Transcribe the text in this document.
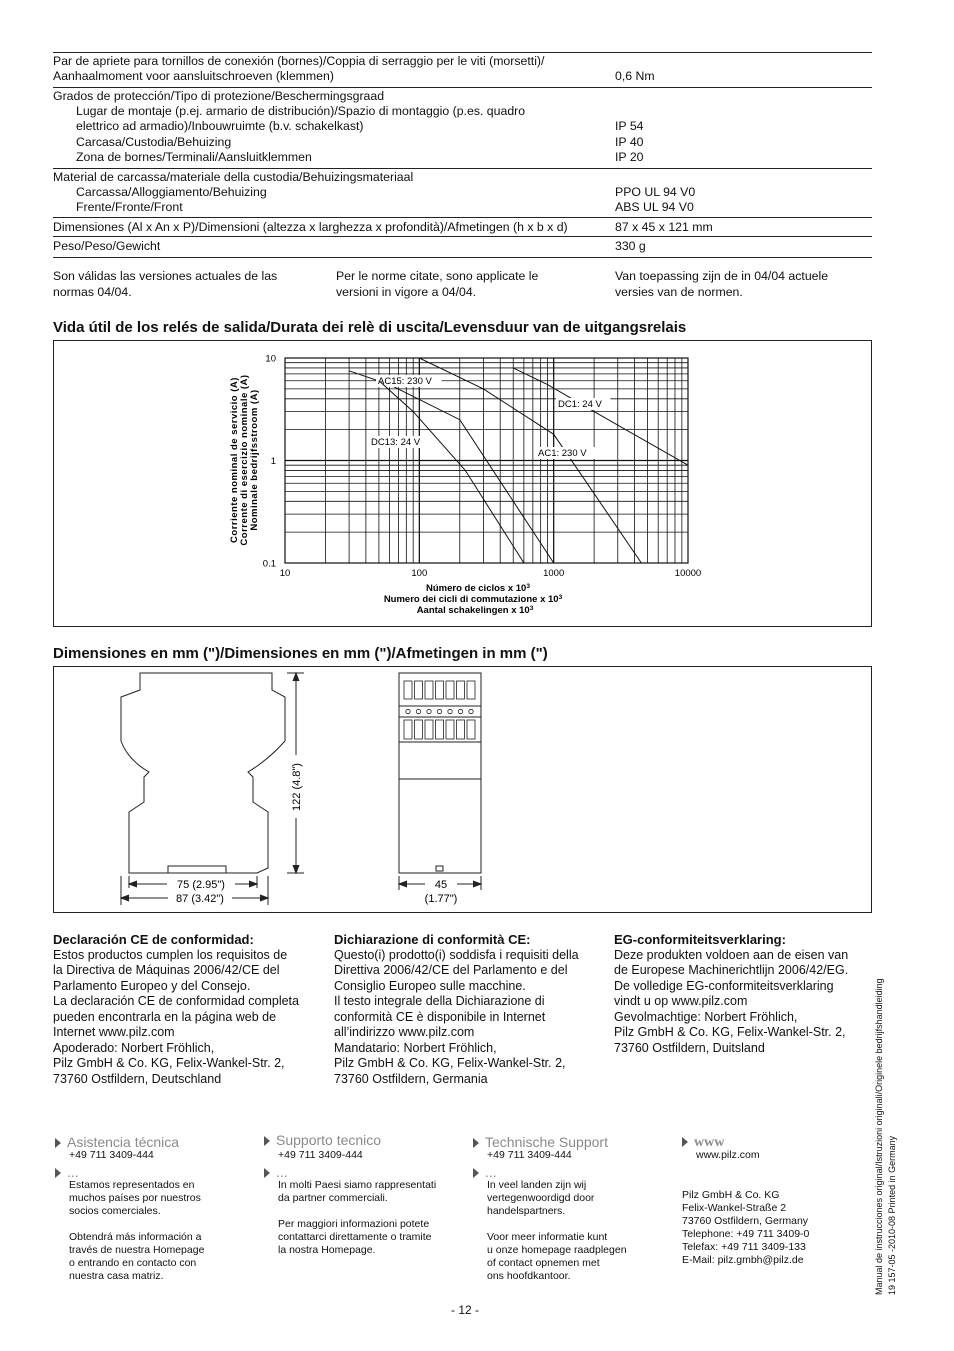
Par de apriete para tornillos de conexión (bornes)/Coppia di serraggio per le viti (morsetti)/
Aanhaalmoment voor aansluitschroeven (klemmen)	0,6 Nm
Grados de protección/Tipo di protezione/Beschermingsgraad
Lugar de montaje (p.ej. armario de distribución)/Spazio di montaggio (p.es. quadro
elettrico ad armadio)/Inbouwruimte (b.v. schakelkast)	IP 54
Carcasa/Custodia/Behuizing	IP 40
Zona de bornes/Terminali/Aansluitklemmen	IP 20
Material de carcassa/materiale della custodia/Behuizingsmateriaal
Carcassa/Alloggiamento/Behuizing	PPO UL 94 V0
Frente/Fronte/Front	ABS UL 94 V0
Dimensiones (Al x An x P)/Dimensioni (altezza x larghezza x profondità)/Afmetingen (h x b x d)	87 x 45 x 121 mm
Peso/Peso/Gewicht	330 g
Son válidas las versiones actuales de las
normas 04/04.
Per le norme citate, sono applicate le
versioni in vigore a 04/04.
Van toepassing zijn de in 04/04 actuele
versies van de normen.
Vida útil de los relés de salida/Durata dei relè di uscita/Levensduur van de uitgangsrelais
AC15: 230 V
DC1: 24 V
DC13: 24 V
AC1: 230 V
10	100	1000	10000
0.1
1
10
Corriente nominal de servicio (A) Corrente di esercizio nominale (A) Nominale bedrijfsstroom (A)
Número de ciclos x $10^3$
Numero dei cicli di commutazione x $10^3$
Aantal schakelingen x $10^3$
Dimensiones en mm (")/Dimensiones en mm (")/Afmetingen in mm (")
122 (4.8")
75 (2.95")
87 (3.42")
45
(1.77")
Declaración CE de conformidad:
Estos productos cumplen los requisitos de
la Directiva de Máquinas 2006/42/CE del
Parlamento Europeo y del Consejo.
La declaración CE de conformidad completa
pueden encontrarla en la página web de
Internet www.pilz.com
Apoderado: Norbert Fröhlich,
Pilz GmbH & Co. KG, Felix-Wankel-Str. 2,
73760 Ostfildern, Deutschland
Dichiarazione di conformità CE:
Questo(i) prodotto(i) soddisfa i requisiti della
Direttiva 2006/42/CE del Parlamento e del
Consiglio Europeo sulle macchine.
Il testo integrale della Dichiarazione di
conformità CE è disponibile in Internet
all’indirizzo www.pilz.com
Mandatario: Norbert Fröhlich,
Pilz GmbH & Co. KG, Felix-Wankel-Str. 2,
73760 Ostfildern, Germania
EG-conformiteitsverklaring:
Deze produkten voldoen aan de eisen van
de Europese Machinerichtlijn 2006/42/EG.
De volledige EG-conformiteitsverklaring
vindt u op www.pilz.com
Gevolmachtige: Norbert Fröhlich,
Pilz GmbH & Co. KG, Felix-Wankel-Str. 2,
73760 Ostfildern, Duitsland
Asistencia técnica
+49 711 3409-444
...
Estamos representados en
muchos países por nuestros
socios comerciales.
Obtendrá más información a
través de nuestra Homepage
o entrando en contacto con
nuestra casa matriz.
Supporto tecnico
+49 711 3409-444
...
In molti Paesi siamo rappresentati
da partner commerciali.
Per maggiori informazioni potete
contattarci direttamente o tramite
la nostra Homepage.
Technische Support
+49 711 3409-444
...
In veel landen zijn wij
vertegenwoordigd door
handelspartners.
Voor meer informatie kunt
u onze homepage raadplegen
of contact opnemen met
ons hoofdkantoor.
www
www.pilz.com
Pilz GmbH & Co. KG
Felix-Wankel-Straße 2
73760 Ostfildern, Germany
Telephone: +49 711 3409-0
Telefax: +49 711 3409-133
E-Mail: pilz.gmbh@pilz.de	Manual de instrucciones original/Istruzioni originali/Originele bedrijfshandleiding 19 157-05 -2010-08 Printed in Germany
- 12 -
